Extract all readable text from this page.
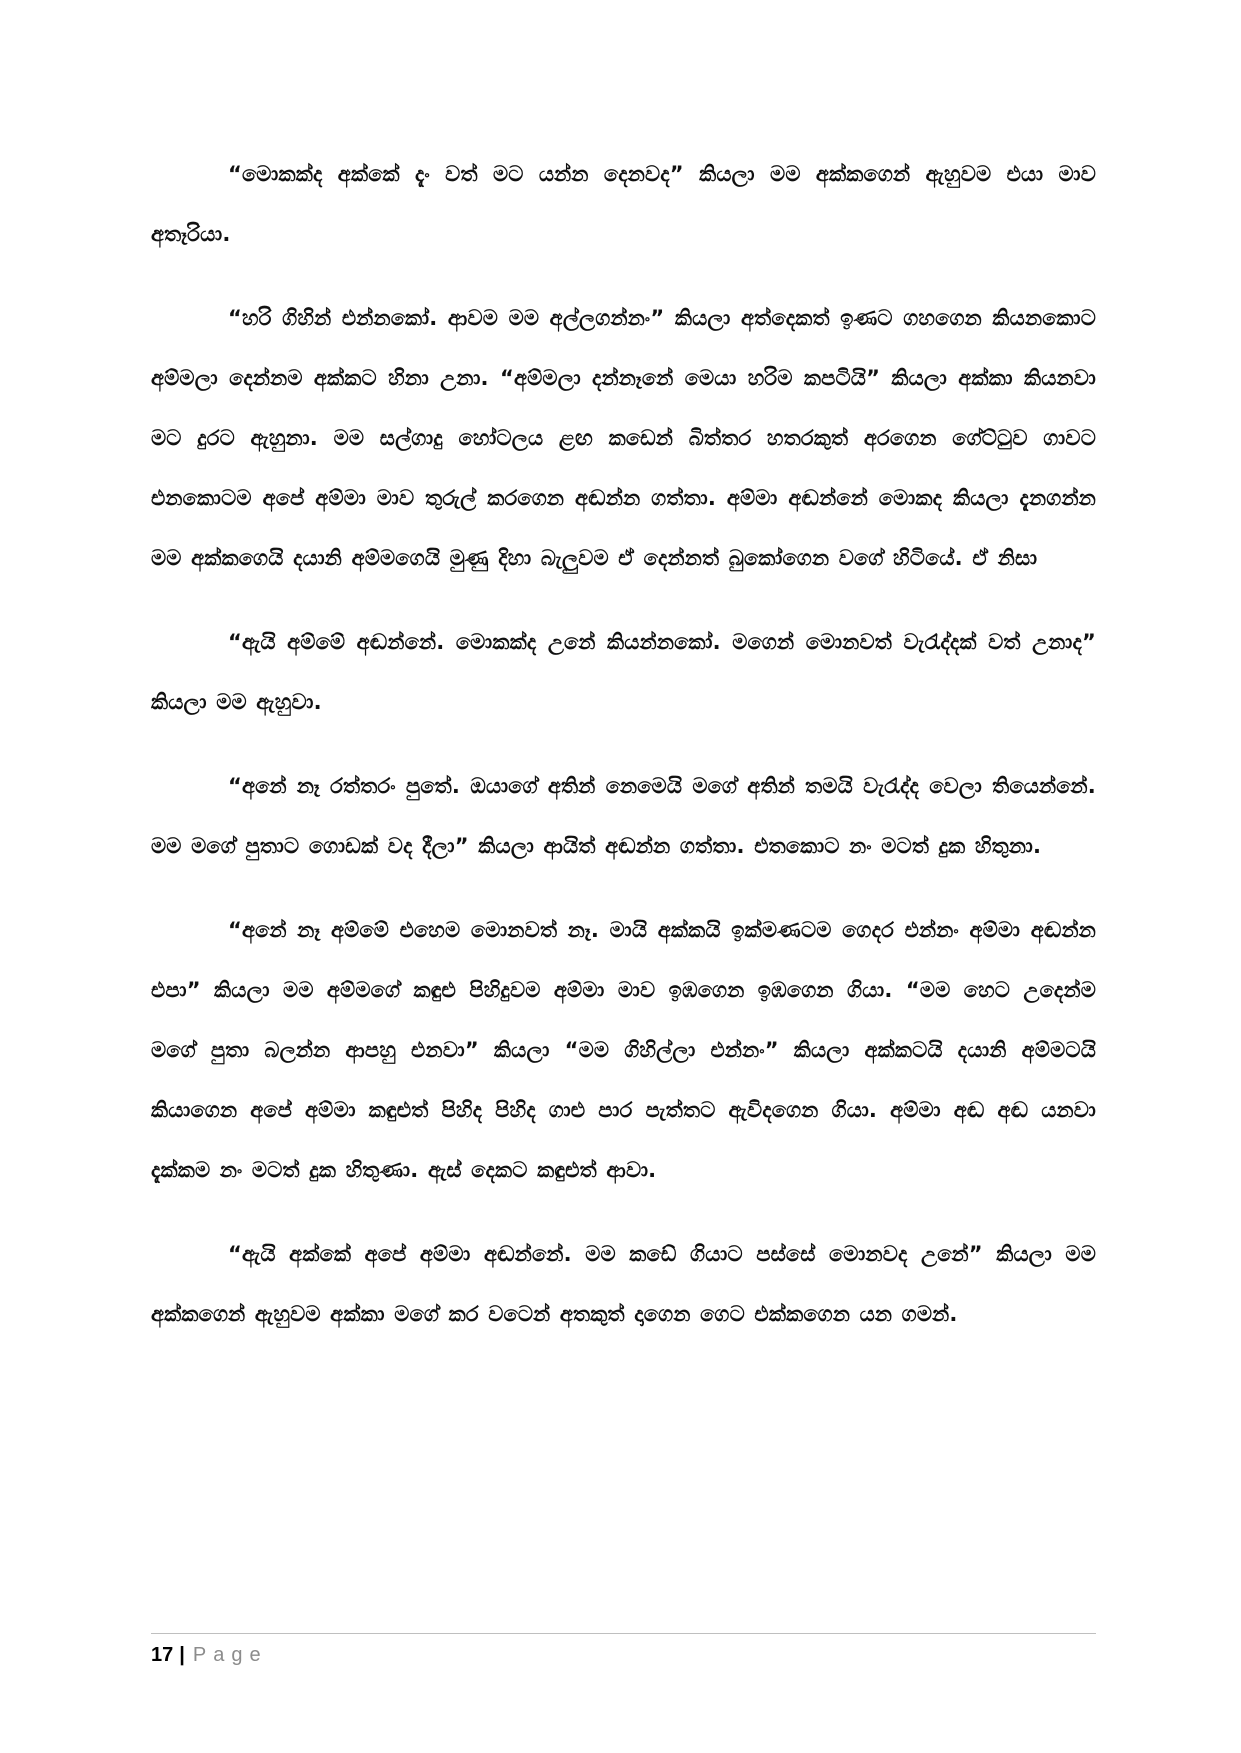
“මොකක්ද අක්කේ දැං වත් මට යන්න දෙනවද” කියලා මම අක්කගෙන් ඇහුවම එයා මාව අතෑරියා.

“හරි ගිහින් එන්නකෝ. ආවම මම අල්ලගන්නං” කියලා අත්දෙකත් ඉණට ගහගෙන කියනකොට අම්මලා දෙන්නම අක්කට හිනා උනා. “අම්මලා දන්නෑනේ මෙයා හරිම කපටියි” කියලා අක්කා කියනවා මට දුරට ඇහුනා. මම සල්ගාදු හෝටලය ළඟ කඩෙන් බිත්තර හතරකුත් අරගෙන ගේට්ටුව ගාවට එනකොටම අපේ අම්මා මාව තුරුල් කරගෙන අඬන්න ගත්තා. අම්මා අඬන්නේ මොකද කියලා දැනගන්න මම අක්කගෙයි දයානි අම්මගෙයි මුණු දිහා බැලුවම ඒ දෙන්නත් බුකෝගෙන වගේ හිටියේ. ඒ නිසා

“ඇයි අම්මේ අඬන්නේ. මොකක්ද උනේ කියන්නකෝ. මගෙන් මොනවත් වැරැද්දක් වත් උනාද” කියලා මම ඇහුවා.

“අනේ නෑ රත්තරං පුතේ. ඔයාගේ අතින් නෙමෙයි මගේ අතින් තමයි වැරැද්ද වෙලා තියෙන්නේ. මම මගේ පුතාට ගොඩක් වද දීලා” කියලා ආයිත් අඬන්න ගත්තා. එතකොට නං මටත් දුක හිතුනා.

“අනේ නෑ අම්මේ එහෙම මොනවත් නෑ. මායි අක්කයි ඉක්මණටම ගෙදර එන්නං අම්මා අඬන්න එපා” කියලා මම අම්මගේ කඳුළු පිහිදුවම අම්මා මාව ඉඹගෙන ඉඹගෙන ගියා. “මම හෙට උදෙන්ම මගේ පුතා බලන්න ආපහු එනවා” කියලා “මම ගිහිල්ලා එන්නං” කියලා අක්කටයි දයානි අම්මටයි කියාගෙන අපේ අම්මා කඳුළුත් පිහිද පිහිද ගාළු පාර පැත්තට ඇවිදගෙන ගියා. අම්මා අඬ අඬ යනවා දැක්කම නං මටත් දුක හිතුණා. ඇස් දෙකට කඳුළුත් ආවා.

“ඇයි අක්කේ අපේ අම්මා අඬන්නේ. මම කඩේ ගියාට පස්සේ මොනවද උනේ” කියලා මම අක්කගෙන් ඇහුවම අක්කා මගේ කර වටෙන් අතකුත් දාගෙන ගෙට එක්කගෙන යන ගමන්.

17 | Page
